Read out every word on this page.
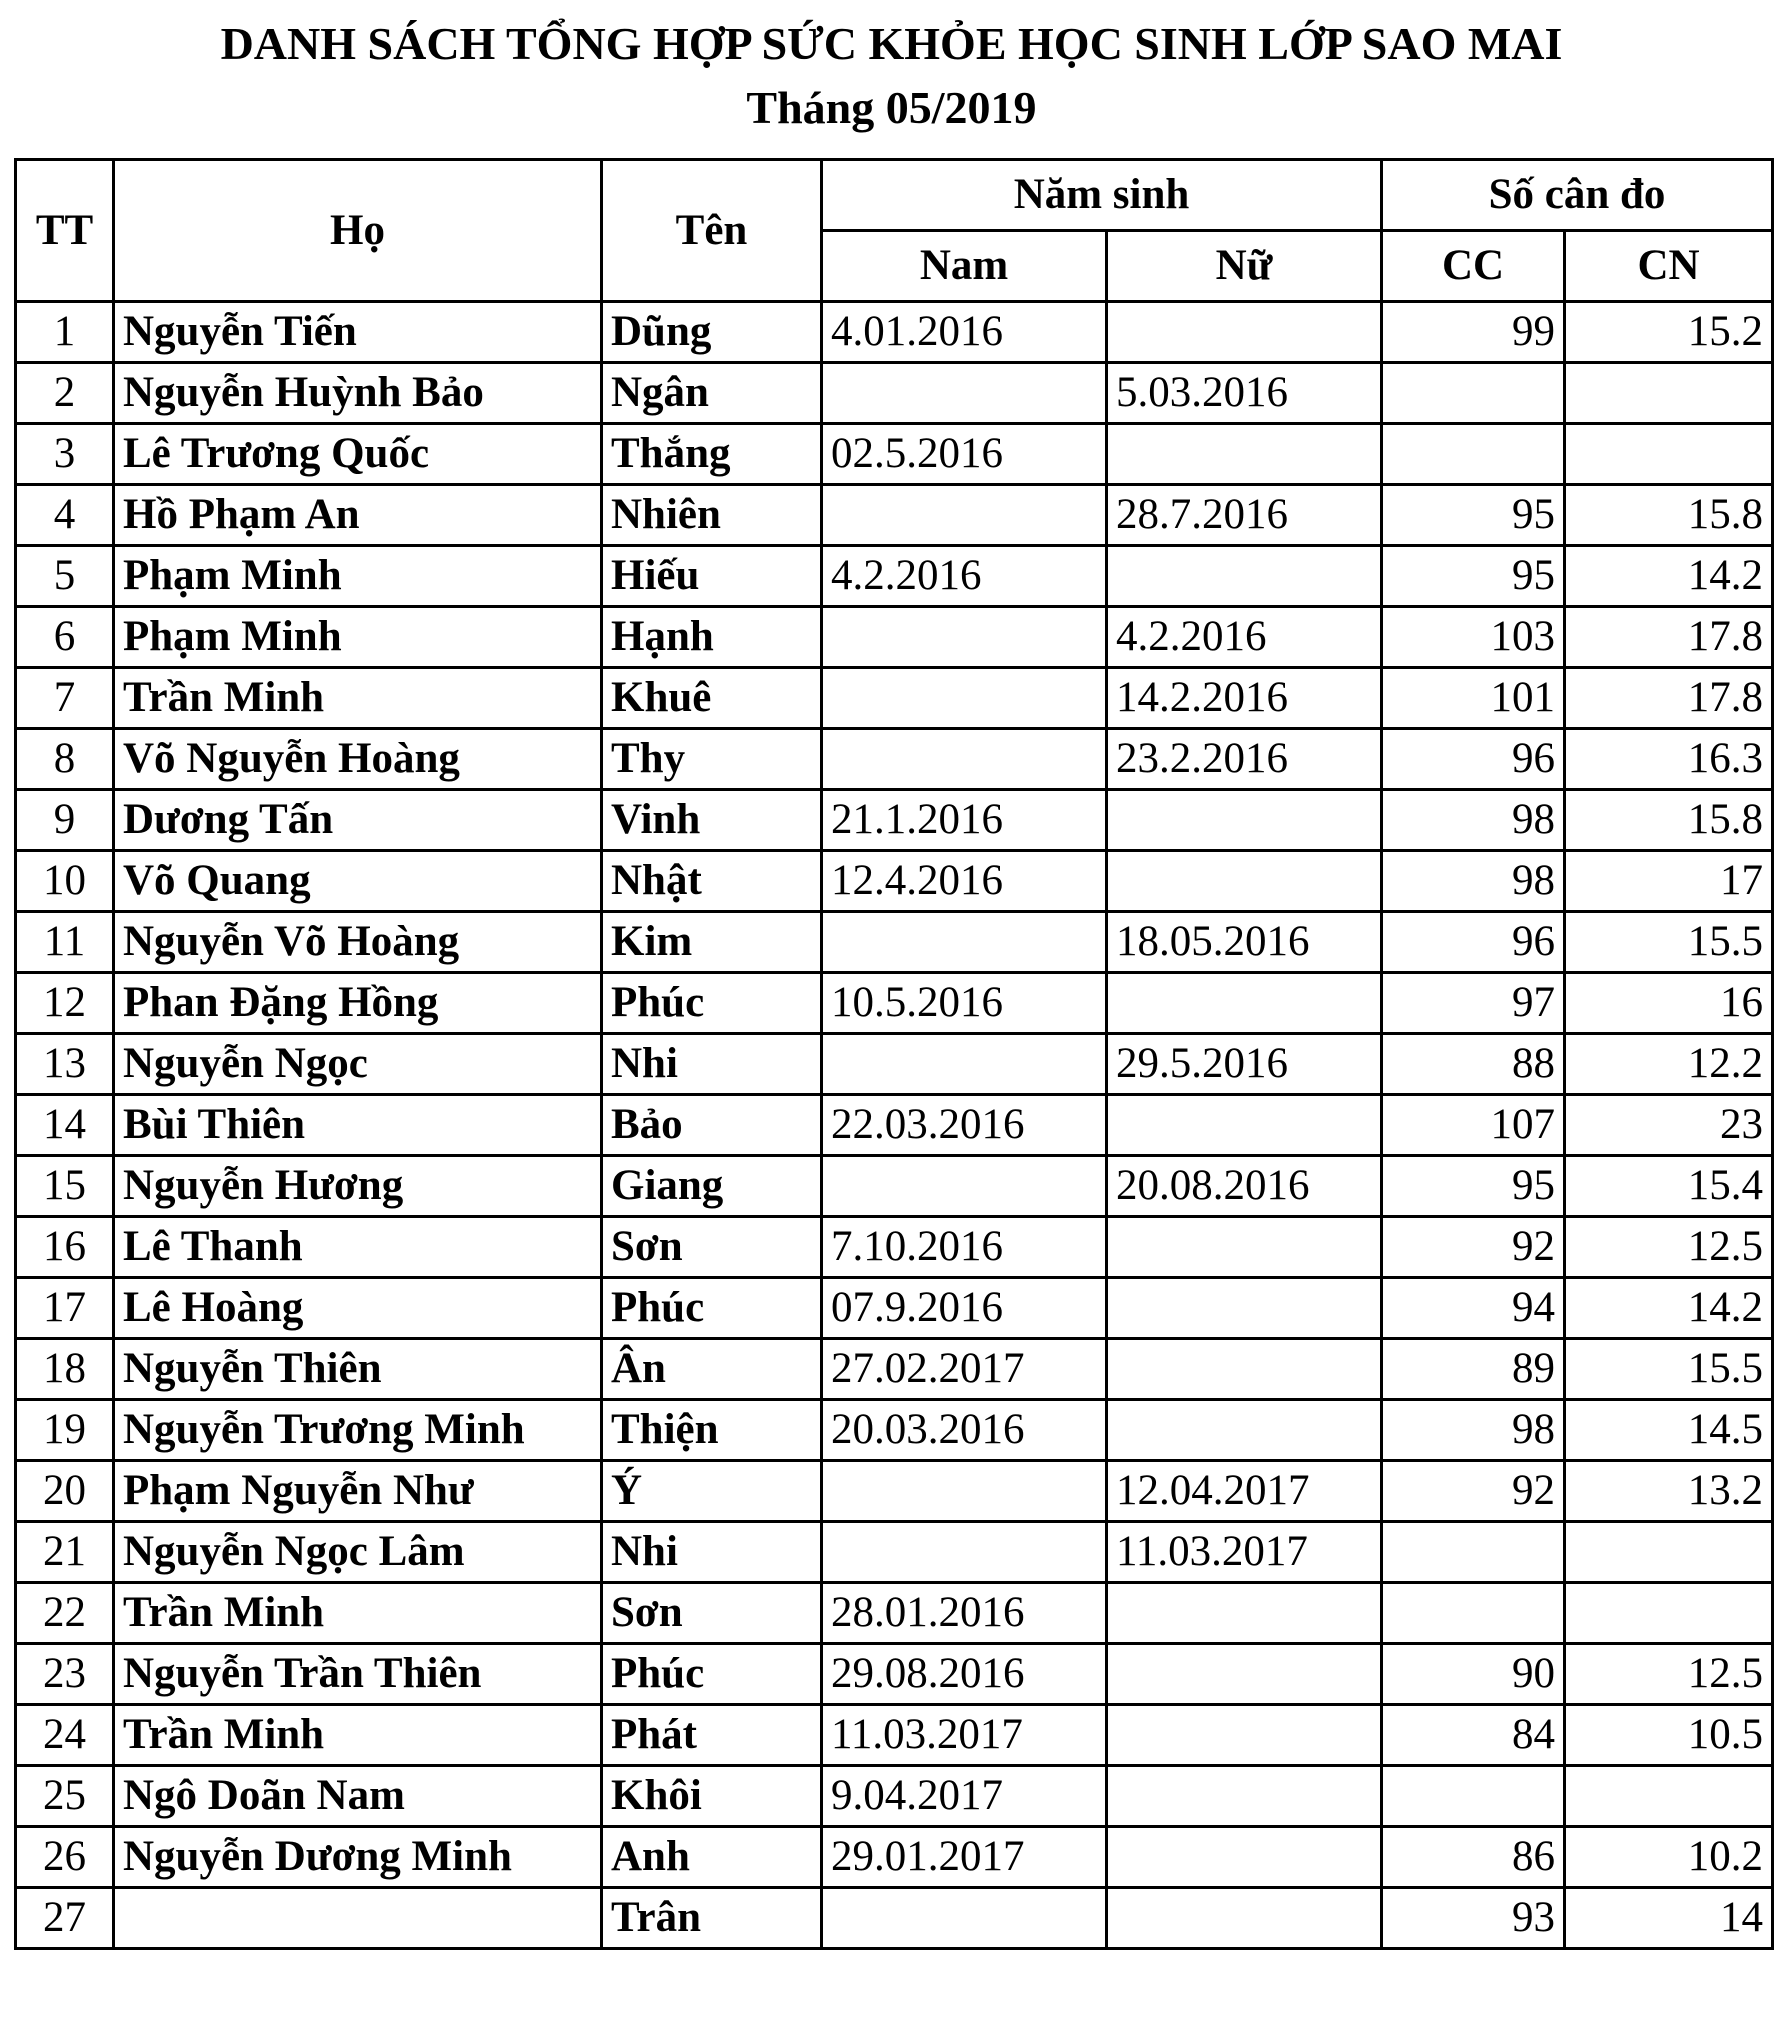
DANH SÁCH TỔNG HỢP SỨC KHỎE HỌC SINH LỚP SAO MAI
Tháng 05/2019
TT	Họ	Tên	Năm sinh		Số cân đo	
			Nam	Nữ	CC	CN
1	Nguyễn Tiến	Dũng	4.01.2016		99	15.2
2	Nguyễn Huỳnh Bảo	Ngân		5.03.2016		
3	Lê Trương Quốc	Thắng	02.5.2016			
4	Hồ Phạm An	Nhiên		28.7.2016	95	15.8
5	Phạm Minh	Hiếu	4.2.2016		95	14.2
6	Phạm Minh	Hạnh		4.2.2016	103	17.8
7	Trần Minh	Khuê		14.2.2016	101	17.8
8	Võ Nguyễn Hoàng	Thy		23.2.2016	96	16.3
9	Dương Tấn	Vinh	21.1.2016		98	15.8
10	Võ Quang	Nhật	12.4.2016		98	17
11	Nguyễn Võ Hoàng	Kim		18.05.2016	96	15.5
12	Phan Đặng Hồng	Phúc	10.5.2016		97	16
13	Nguyễn Ngọc	Nhi		29.5.2016	88	12.2
14	Bùi Thiên	Bảo	22.03.2016		107	23
15	Nguyễn Hương	Giang		20.08.2016	95	15.4
16	Lê Thanh	Sơn	7.10.2016		92	12.5
17	Lê Hoàng	Phúc	07.9.2016		94	14.2
18	Nguyễn Thiên	Ân	27.02.2017		89	15.5
19	Nguyễn Trương Minh	Thiện	20.03.2016		98	14.5
20	Phạm Nguyễn Như	Ý		12.04.2017	92	13.2
21	Nguyễn Ngọc Lâm	Nhi		11.03.2017		
22	Trần Minh	Sơn	28.01.2016			
23	Nguyễn Trần Thiên	Phúc	29.08.2016		90	12.5
24	Trần Minh	Phát	11.03.2017		84	10.5
25	Ngô Doãn Nam	Khôi	9.04.2017			
26	Nguyễn Dương Minh	Anh	29.01.2017		86	10.2
27		Trân			93	14
